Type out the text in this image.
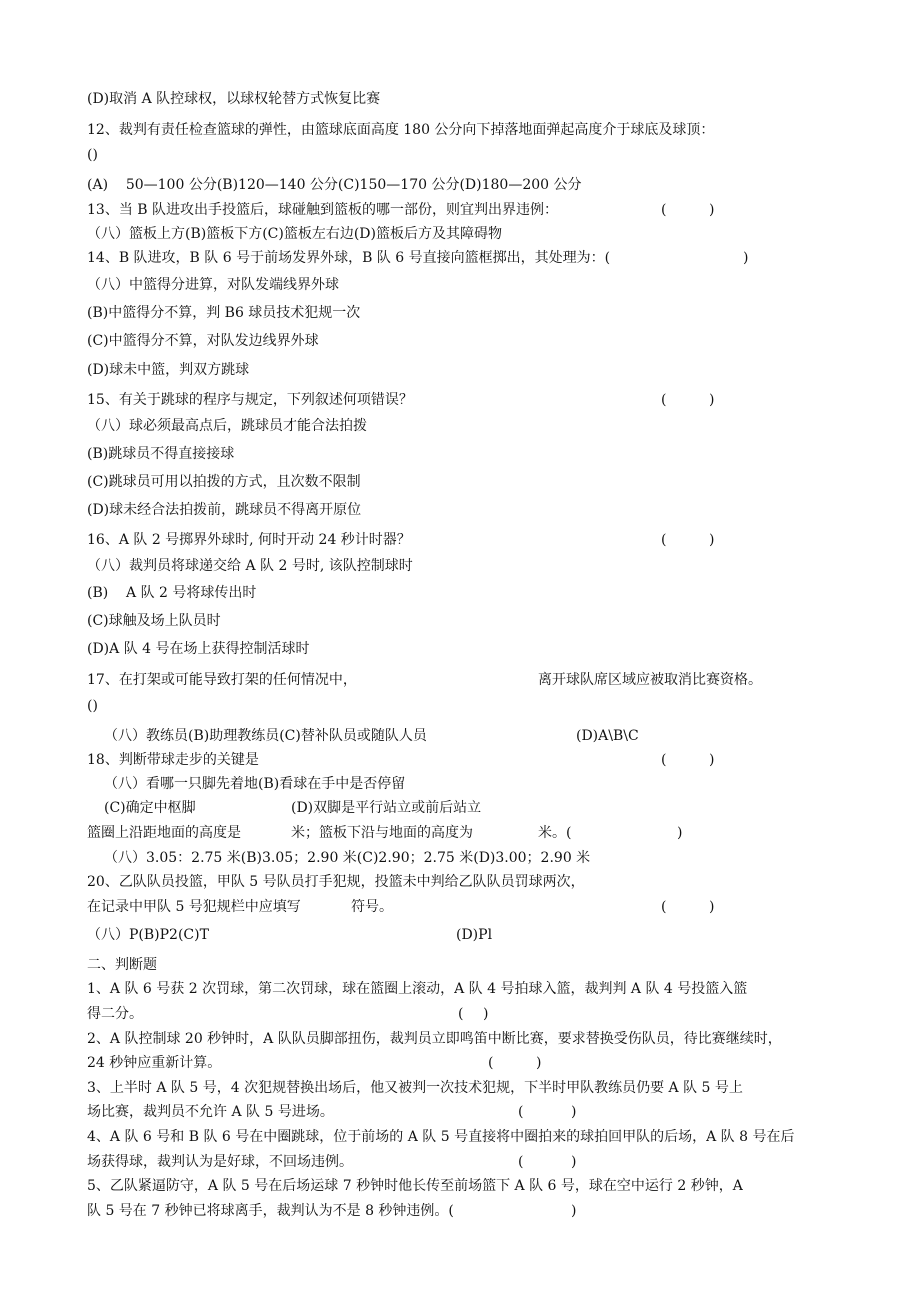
(D)取消 A 队控球权，以球权轮替方式恢复比赛
12、裁判有责任检查篮球的弹性，由篮球底面高度 180 公分向下掉落地面弹起高度介于球底及球顶：
()
(A)    50—100 公分(B)120—140 公分(C)150—170 公分(D)180—200 公分
13、当 B 队进攻出手投篮后，球碰触到篮板的哪一部份，则宜判出界违例：	(	)
（八）篮板上方(B)篮板下方(C)篮板左右边(D)篮板后方及其障碍物
14、B 队进攻，B 队 6 号于前场发界外球，B 队 6 号直接向篮框掷出，其处理为：(	)
（八）中篮得分进算，对队发端线界外球
(B)中篮得分不算，判 B6 球员技术犯规一次
(C)中篮得分不算，对队发边线界外球
(D)球未中篮，判双方跳球
15、有关于跳球的程序与规定，下列叙述何项错误？	(	)
（八）球必须最高点后，跳球员才能合法拍拨
(B)跳球员不得直接接球
(C)跳球员可用以拍拨的方式，且次数不限制
(D)球未经合法拍拨前，跳球员不得离开原位
16、A 队 2 号掷界外球时, 何时开动 24 秒计时器？	(	)
（八）裁判员将球递交给 A 队 2 号时, 该队控制球时
(B)    A 队 2 号将球传出时
(C)球触及场上队员时
(D)A 队 4 号在场上获得控制活球时
17、在打架或可能导致打架的任何情况中，	离开球队席区域应被取消比赛资格。
()
（八）教练员(B)助理教练员(C)替补队员或随队人员	(D)A\B\C
18、判断带球走步的关键是	(	)
（八）看哪一只脚先着地(B)看球在手中是否停留
(C)确定中枢脚	(D)双脚是平行站立或前后站立
篮圈上沿距地面的高度是	米；篮板下沿与地面的高度为	米。(	)
（八）3.05：2.75 米(B)3.05；2.90 米(C)2.90；2.75 米(D)3.00；2.90 米
20、乙队队员投篮，甲队 5 号队员打手犯规，投篮未中判给乙队队员罚球两次，
在记录中甲队 5 号犯规栏中应填写	符号。	(	)
（八）P(B)P2(C)T	(D)Pl
二、判断题
1、A 队 6 号获 2 次罚球，第二次罚球，球在篮圈上滚动，A 队 4 号拍球入篮，裁判判 A 队 4 号投篮入篮
得二分。	( )
2、A 队控制球 20 秒钟时，A 队队员脚部扭伤，裁判员立即鸣笛中断比赛，要求替换受伤队员，待比赛继续时，
24 秒钟应重新计算。	(	)
3、上半时 A 队 5 号，4 次犯规替换出场后，他又被判一次技术犯规，下半时甲队教练员仍要 A 队 5 号上
场比赛，裁判员不允许 A 队 5 号进场。	(	)
4、A 队 6 号和 B 队 6 号在中圈跳球，位于前场的 A 队 5 号直接将中圈拍来的球拍回甲队的后场，A 队 8 号在后
场获得球，裁判认为是好球，不回场违例。	(	)
5、乙队紧逼防守，A 队 5 号在后场运球 7 秒钟时他长传至前场篮下 A 队 6 号，球在空中运行 2 秒钟，A
队 5 号在 7 秒钟已将球离手，裁判认为不是 8 秒钟违例。(	)
